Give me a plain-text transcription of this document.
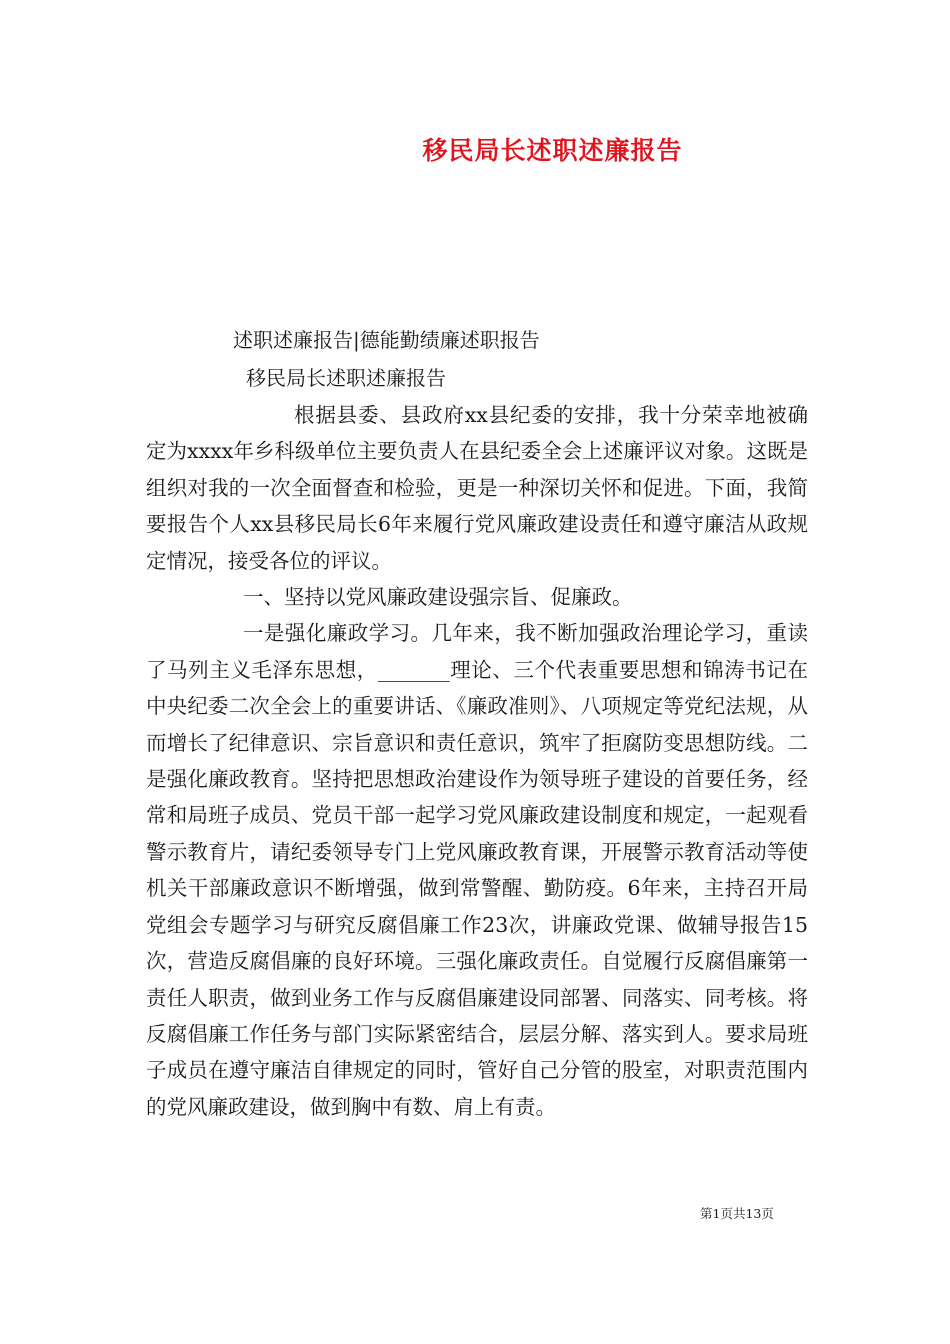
移民局长述职述廉报告
述职述廉报告|德能勤绩廉述职报告
移民局长述职述廉报告

根据县委、县政府xx县纪委的安排，我十分荣幸地被确定为xxxx年乡科级单位主要负责人在县纪委全会上述廉评议对象。这既是组织对我的一次全面督查和检验，更是一种深切关怀和促进。下面，我简要报告个人xx县移民局长6年来履行党风廉政建设责任和遵守廉洁从政规定情况，接受各位的评议。

一、坚持以党风廉政建设强宗旨、促廉政。

一是强化廉政学习。几年来，我不断加强政治理论学习，重读了马列主义毛泽东思想，_______理论、三个代表重要思想和锦涛书记在中央纪委二次全会上的重要讲话、《廉政准则》、八项规定等党纪法规，从而增长了纪律意识、宗旨意识和责任意识，筑牢了拒腐防变思想防线。二是强化廉政教育。坚持把思想政治建设作为领导班子建设的首要任务，经常和局班子成员、党员干部一起学习党风廉政建设制度和规定，一起观看警示教育片，请纪委领导专门上党风廉政教育课，开展警示教育活动等使机关干部廉政意识不断增强，做到常警醒、勤防疫。6年来，主持召开局党组会专题学习与研究反腐倡廉工作23次，讲廉政党课、做辅导报告15次，营造反腐倡廉的良好环境。三强化廉政责任。自觉履行反腐倡廉第一责任人职责，做到业务工作与反腐倡廉建设同部署、同落实、同考核。将反腐倡廉工作任务与部门实际紧密结合，层层分解、落实到人。要求局班子成员在遵守廉洁自律规定的同时，管好自己分管的股室，对职责范围内的党风廉政建设，做到胸中有数、肩上有责。

第1页共13页
